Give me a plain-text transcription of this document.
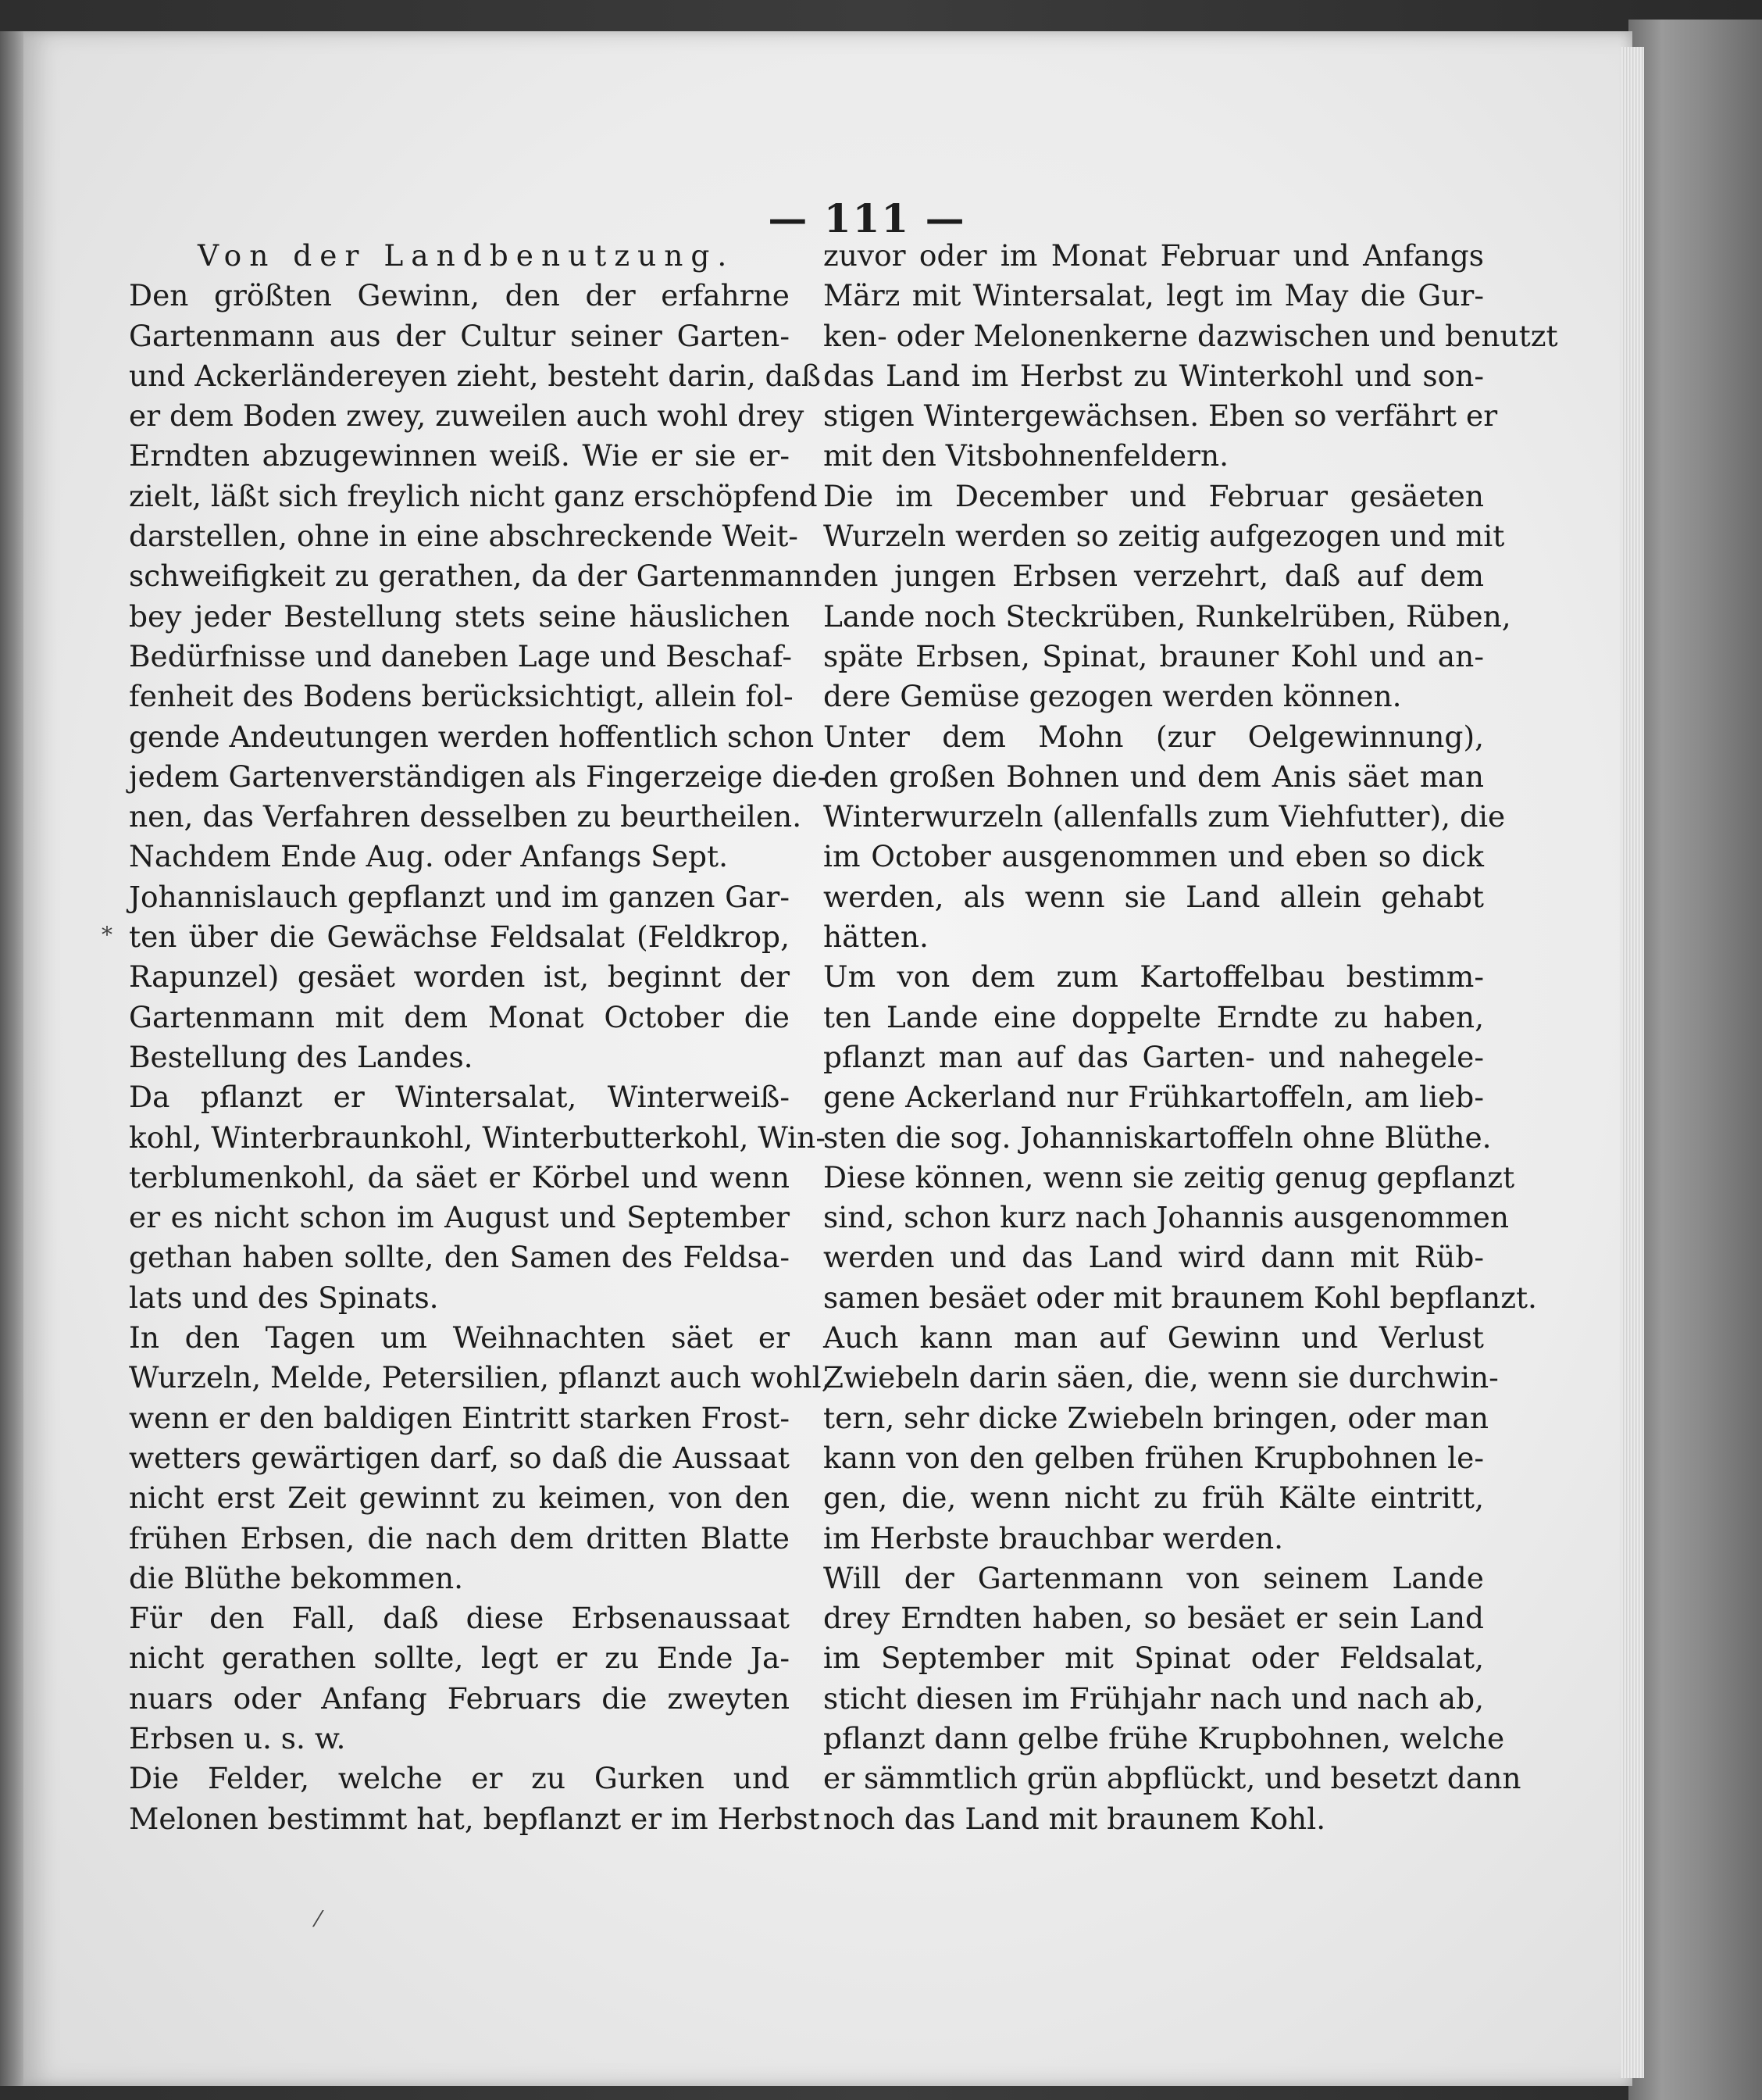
— 111 —
*
⁄
Von der Landbenutzung.
Den größten Gewinn, den der erfahrne
Gartenmann aus der Cultur seiner Garten-
und Ackerländereyen zieht, besteht darin, daß
er dem Boden zwey, zuweilen auch wohl drey
Erndten abzugewinnen weiß. Wie er sie er-
zielt, läßt sich freylich nicht ganz erschöpfend
darstellen, ohne in eine abschreckende Weit-
schweifigkeit zu gerathen, da der Gartenmann
bey jeder Bestellung stets seine häuslichen
Bedürfnisse und daneben Lage und Beschaf-
fenheit des Bodens berücksichtigt, allein fol-
gende Andeutungen werden hoffentlich schon
jedem Gartenverständigen als Fingerzeige die-
nen, das Verfahren desselben zu beurtheilen.
Nachdem Ende Aug. oder Anfangs Sept.
Johannislauch gepflanzt und im ganzen Gar-
ten über die Gewächse Feldsalat (Feldkrop,
Rapunzel) gesäet worden ist, beginnt der
Gartenmann mit dem Monat October die
Bestellung des Landes.
Da pflanzt er Wintersalat, Winterweiß-
kohl, Winterbraunkohl, Winterbutterkohl, Win-
terblumenkohl, da säet er Körbel und wenn
er es nicht schon im August und September
gethan haben sollte, den Samen des Feldsa-
lats und des Spinats.
In den Tagen um Weihnachten säet er
Wurzeln, Melde, Petersilien, pflanzt auch wohl,
wenn er den baldigen Eintritt starken Frost-
wetters gewärtigen darf, so daß die Aussaat
nicht erst Zeit gewinnt zu keimen, von den
frühen Erbsen, die nach dem dritten Blatte
die Blüthe bekommen.
Für den Fall, daß diese Erbsenaussaat
nicht gerathen sollte, legt er zu Ende Ja-
nuars oder Anfang Februars die zweyten
Erbsen u. s. w.
Die Felder, welche er zu Gurken und
Melonen bestimmt hat, bepflanzt er im Herbst
zuvor oder im Monat Februar und Anfangs
März mit Wintersalat, legt im May die Gur-
ken- oder Melonenkerne dazwischen und benutzt
das Land im Herbst zu Winterkohl und son-
stigen Wintergewächsen. Eben so verfährt er
mit den Vitsbohnenfeldern.
Die im December und Februar gesäeten
Wurzeln werden so zeitig aufgezogen und mit
den jungen Erbsen verzehrt, daß auf dem
Lande noch Steckrüben, Runkelrüben, Rüben,
späte Erbsen, Spinat, brauner Kohl und an-
dere Gemüse gezogen werden können.
Unter dem Mohn (zur Oelgewinnung),
den großen Bohnen und dem Anis säet man
Winterwurzeln (allenfalls zum Viehfutter), die
im October ausgenommen und eben so dick
werden, als wenn sie Land allein gehabt
hätten.
Um von dem zum Kartoffelbau bestimm-
ten Lande eine doppelte Erndte zu haben,
pflanzt man auf das Garten- und nahegele-
gene Ackerland nur Frühkartoffeln, am lieb-
sten die sog. Johanniskartoffeln ohne Blüthe.
Diese können, wenn sie zeitig genug gepflanzt
sind, schon kurz nach Johannis ausgenommen
werden und das Land wird dann mit Rüb-
samen besäet oder mit braunem Kohl bepflanzt.
Auch kann man auf Gewinn und Verlust
Zwiebeln darin säen, die, wenn sie durchwin-
tern, sehr dicke Zwiebeln bringen, oder man
kann von den gelben frühen Krupbohnen le-
gen, die, wenn nicht zu früh Kälte eintritt,
im Herbste brauchbar werden.
Will der Gartenmann von seinem Lande
drey Erndten haben, so besäet er sein Land
im September mit Spinat oder Feldsalat,
sticht diesen im Frühjahr nach und nach ab,
pflanzt dann gelbe frühe Krupbohnen, welche
er sämmtlich grün abpflückt, und besetzt dann
noch das Land mit braunem Kohl.
